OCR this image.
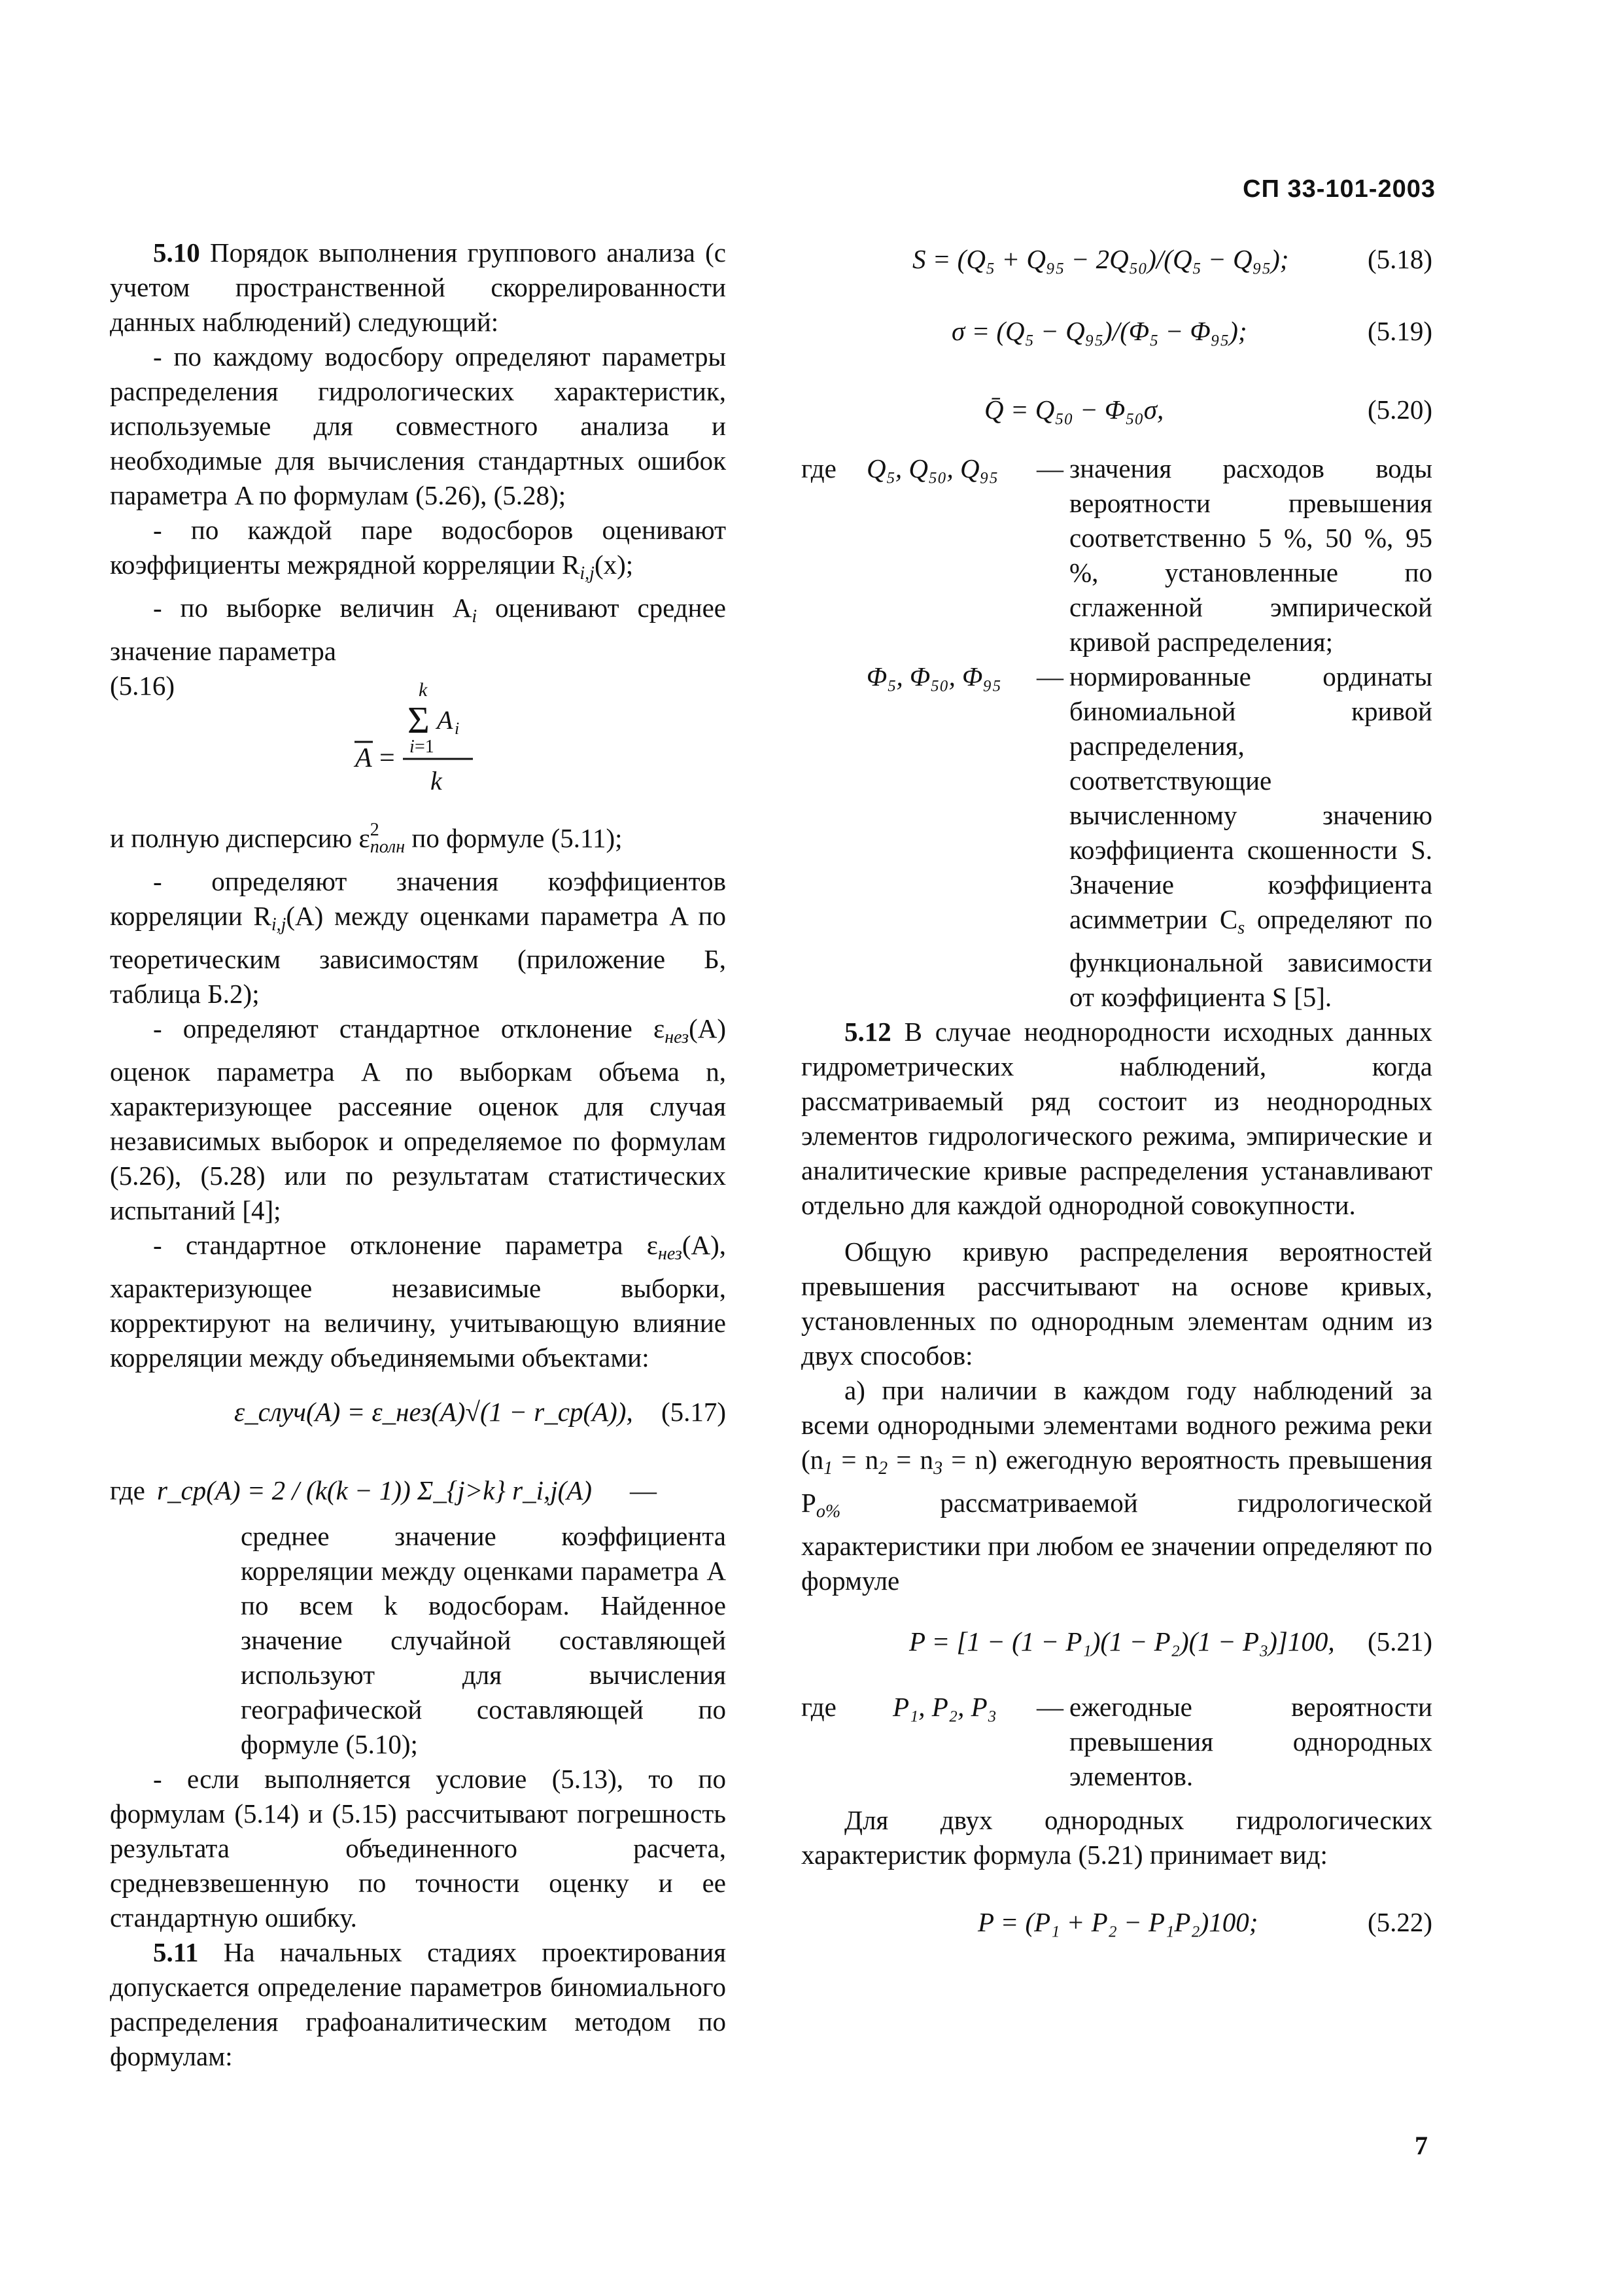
СП 33-101-2003

5.10 Порядок выполнения группового анализа (с учетом пространственной скоррелированности данных наблюдений) следующий:

- по каждому водосбору определяют параметры распределения гидрологических характеристик, используемые для совместного анализа и необходимые для вычисления стандартных ошибок параметра A по формулам (5.26), (5.28);

- по каждой паре водосборов оценивают коэффициенты межрядной корреляции $R_{i,j}(x)$;

- по выборке величин $A_i$ оценивают среднее значение параметра

k
Σ A i
i =1
k
A =
(5.16)

и полную дисперсию $\varepsilon^2_{полн}$ по формуле (5.11);

- определяют значения коэффициентов корреляции $R_{i,j}(A)$ между оценками параметра A по теоретическим зависимостям (приложение Б, таблица Б.2);

- определяют стандартное отклонение $\varepsilon_{нез}(A)$ оценок параметра A по выборкам объема n, характеризующее рассеяние оценок для случая независимых выборок и определяемое по формулам (5.26), (5.28) или по результатам статистических испытаний [4];

- стандартное отклонение параметра $\varepsilon_{нез}(A)$, характеризующее независимые выборки, корректируют на величину, учитывающую влияние корреляции между объединяемыми объектами:

ε_случ(A) = ε_нез(A)√(1 − r_ср(A)), (5.17)
где r_ср(A) = 2 / (k(k − 1)) Σ_{j>k} r_i,j(A) —

среднее значение коэффициента корреляции между оценками параметра A по всем k водосборам. Найденное значение случайной составляющей используют для вычисления географической составляющей по формуле (5.10);

- если выполняется условие (5.13), то по формулам (5.14) и (5.15) рассчитывают погрешность результата объединенного расчета, средневзвешенную по точности оценку и ее стандартную ошибку.

5.11 На начальных стадиях проектирования допускается определение параметров биномиального распределения графоаналитическим методом по формулам:

S = (Q₅ + Q₉₅ − 2Q₅₀)/(Q₅ − Q₉₅);	(5.18)
σ = (Q₅ − Q₉₅)/(Φ₅ − Φ₉₅);	(5.19)
Q̄ = Q₅₀ − Φ₅₀σ,	(5.20)
где Q₅, Q₅₀, Q₉₅ — значения расходов воды вероятности превышения соответственно 5 %, 50 %, 95 %, установленные по сглаженной эмпирической кривой распределения;

Φ₅, Φ₅₀, Φ₉₅ — нормированные ординаты биномиальной кривой распределения, соответствующие вычисленному значению коэффициента скошенности S. Значение коэффициента асимметрии $C_s$ определяют по функциональной зависимости от коэффициента S [5].

5.12 В случае неоднородности исходных данных гидрометрических наблюдений, когда рассматриваемый ряд состоит из неоднородных элементов гидрологического режима, эмпирические и аналитические кривые распределения устанавливают отдельно для каждой однородной совокупности.

Общую кривую распределения вероятностей превышения рассчитывают на основе кривых, установленных по однородным элементам одним из двух способов:

а) при наличии в каждом году наблюдений за всеми однородными элементами водного режима реки $(n_1 = n_2 = n_3 = n)$ ежегодную вероятность превышения $P_{о\%}$ рассматриваемой гидрологической характеристики при любом ее значении определяют по формуле

P = [1 − (1 − P₁)(1 − P₂)(1 − P₃)]100, (5.21)
где P₁, P₂, P₃ — ежегодные вероятности превышения однородных элементов.

Для двух однородных гидрологических характеристик формула (5.21) принимает вид:

P = (P₁ + P₂ − P₁P₂)100;	(5.22)
7
